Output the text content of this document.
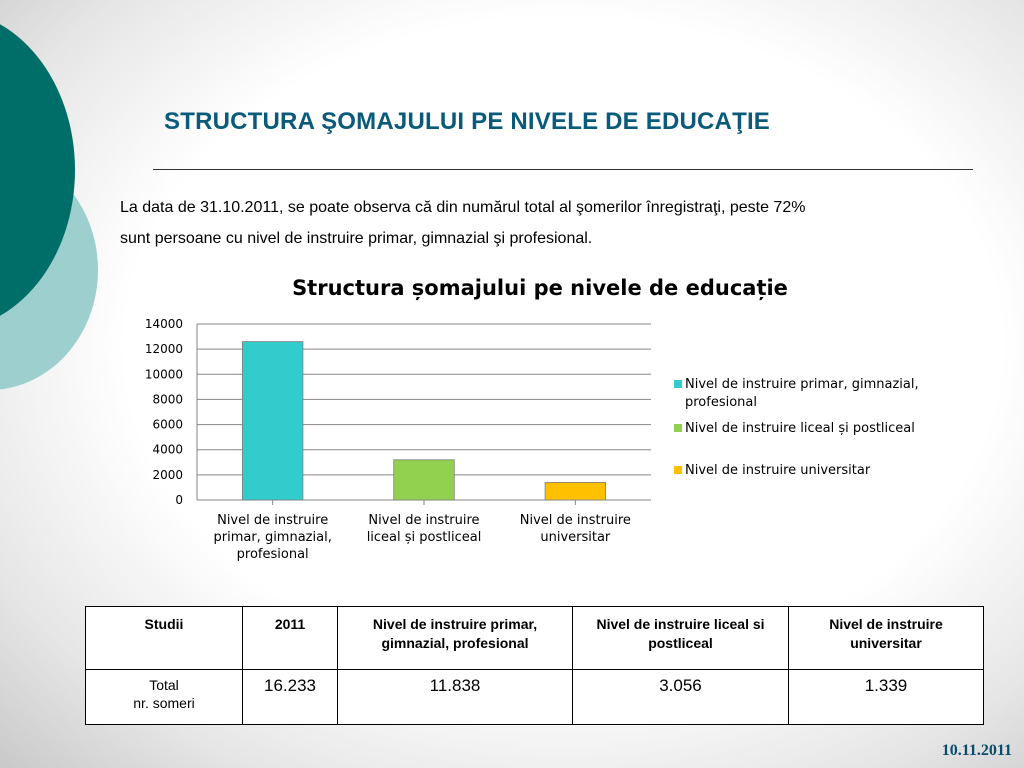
STRUCTURA ŞOMAJULUI PE NIVELE DE EDUCAŢIE

La data de 31.10.2011, se poate observa că din numărul total al şomerilor înregistraţi, peste 72%
sunt persoane cu nivel de instruire primar, gimnazial şi profesional.

Structura șomajului pe nivele de educație
0
2000
4000
6000
8000
10000
12000
14000
Nivel de instruire
primar, gimnazial,
profesional
Nivel de instruire
liceal și postliceal
Nivel de instruire
universitar
Nivel de instruire primar, gimnazial,
profesional
Nivel de instruire liceal și postliceal
Nivel de instruire universitar
Studii	2011	Nivel de instruire primar, gimnazial, profesional	Nivel de instruire liceal si postliceal	Nivel de instruire universitar
Total
nr. someri	16.233	11.838	3.056	1.339

10.11.2011
